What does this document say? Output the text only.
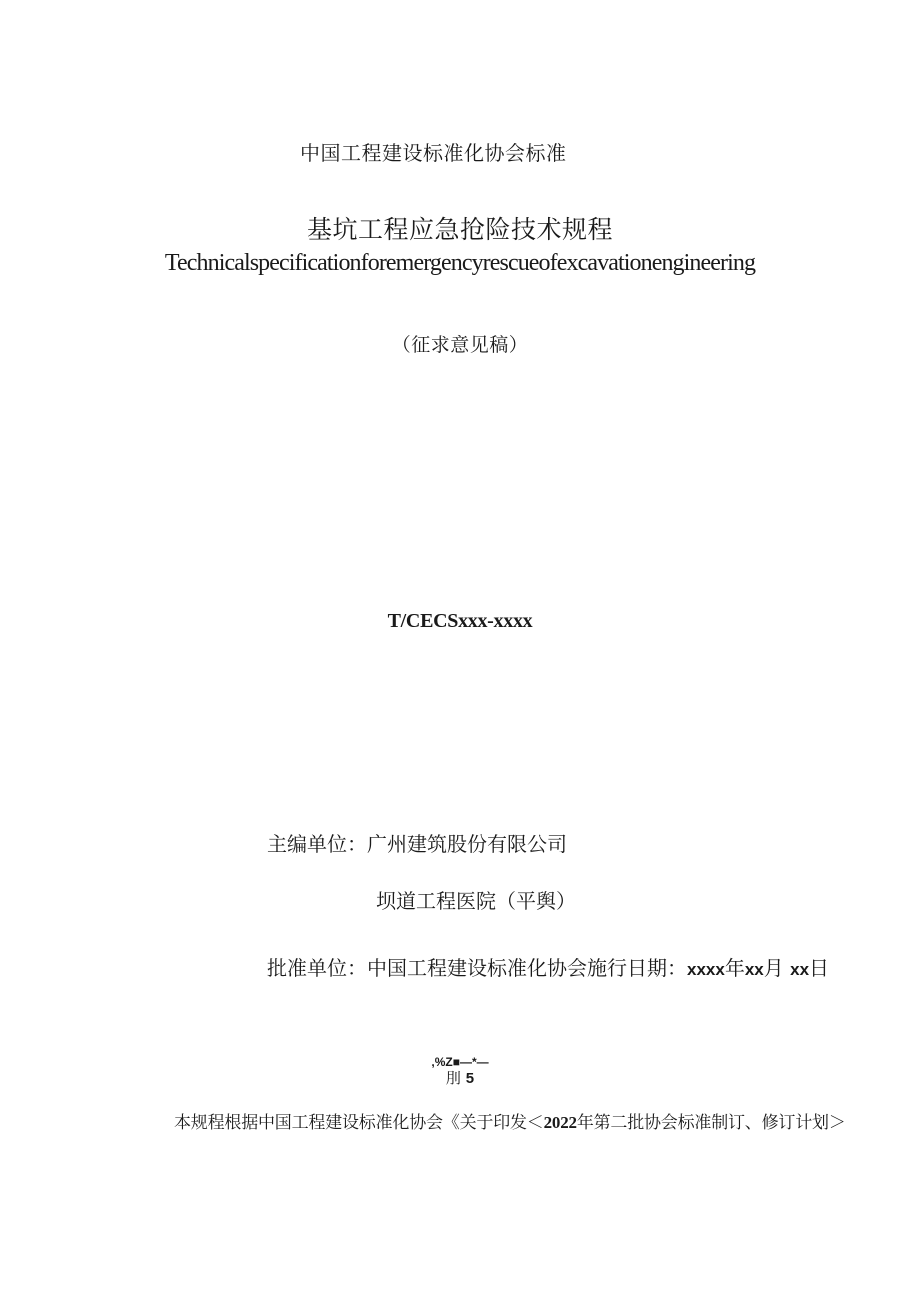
中国工程建设标准化协会标准

基坑工程应急抢险技术规程

Technicalspecificationforemergencyrescueofexcavationengineering

（征求意见稿）

T/CECSxxx-xxxx

主编单位：广州建筑股份有限公司

坝道工程医院（平舆）

批准单位：中国工程建设标准化协会施行日期：xxxx年xx月 xx日

,%Z■—*—
刖 5

本规程根据中国工程建设标准化协会《关于印发＜2022年第二批协会标准制订、修订计划＞
